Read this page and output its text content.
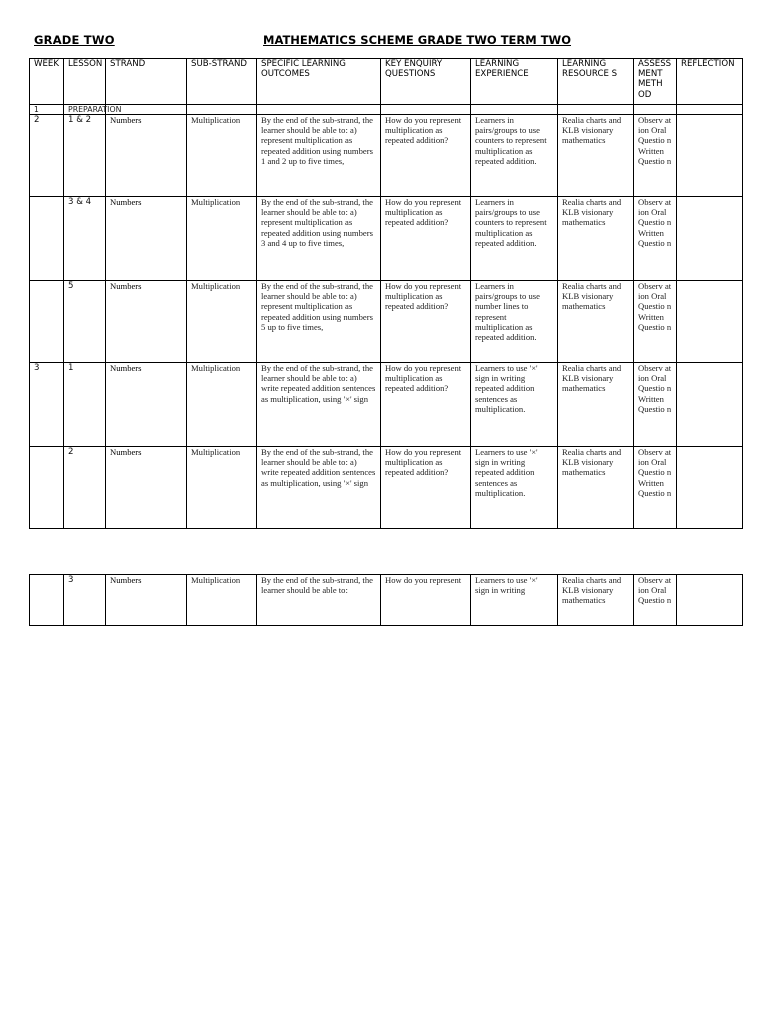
GRADE TWO	MATHEMATICS SCHEME GRADE TWO TERM TWO
WEEK	LESSON	STRAND	SUB-STRAND	SPECIFIC LEARNING OUTCOMES	KEY ENQUIRY QUESTIONS	LEARNING EXPERIENCE	LEARNING RESOURCE S	ASSESS MENT METH OD	REFLECTION
1	PREPARATION								
2	1 & 2	Numbers	Multiplication	By the end of the sub-strand, the learner should be able to: a) represent multiplication as repeated addition using numbers 1 and 2 up to five times,	How do you represent multiplication as repeated addition?	Learners in pairs/groups to use counters to represent multiplication as repeated addition.	Realia charts and KLB visionary mathematics	Observ ation Oral Questio n Written Questio n	
	3 & 4	Numbers	Multiplication	By the end of the sub-strand, the learner should be able to: a) represent multiplication as repeated addition using numbers 3 and 4 up to five times,	How do you represent multiplication as repeated addition?	Learners in pairs/groups to use counters to represent multiplication as repeated addition.	Realia charts and KLB visionary mathematics	Observ ation Oral Questio n Written Questio n	
	5	Numbers	Multiplication	By the end of the sub-strand, the learner should be able to: a) represent multiplication as repeated addition using numbers 5 up to five times,	How do you represent multiplication as repeated addition?	Learners in pairs/groups to use number lines to represent multiplication as repeated addition.	Realia charts and KLB visionary mathematics	Observ ation Oral Questio n Written Questio n	
3	1	Numbers	Multiplication	By the end of the sub-strand, the learner should be able to: a) write repeated addition sentences as multiplication, using '×' sign	How do you represent multiplication as repeated addition?	Learners to use '×' sign in writing repeated addition sentences as multiplication.	Realia charts and KLB visionary mathematics	Observ ation Oral Questio n Written Questio n	
	2	Numbers	Multiplication	By the end of the sub-strand, the learner should be able to: a) write repeated addition sentences as multiplication, using '×' sign	How do you represent multiplication as repeated addition?	Learners to use '×' sign in writing repeated addition sentences as multiplication.	Realia charts and KLB visionary mathematics	Observ ation Oral Questio n Written Questio n	
	3	Numbers	Multiplication	By the end of the sub-strand, the learner should be able to:	How do you represent	Learners to use '×' sign in writing	Realia charts and KLB visionary mathematics	Observ ation Oral Questio n	
